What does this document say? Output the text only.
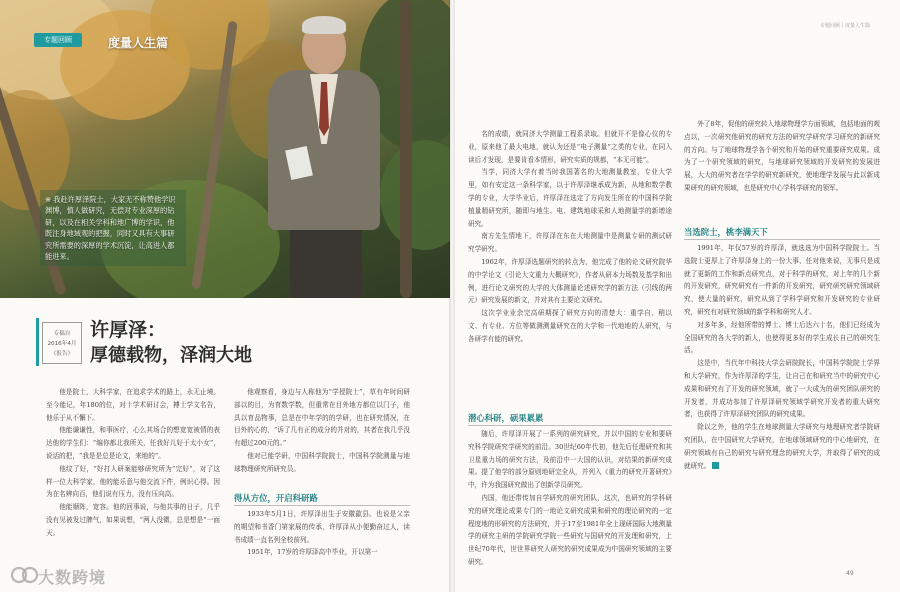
专题回顾	度量人生篇

※ 我赴许厚泽院士，大家无不称赞他学识渊博，慎人做研究，无偿对专业深厚的钻研，以及在相关学科和地广博的学识，他既注身地域观的把握，同时又具有大事研究所需要的深厚的学术沉淀，让高进人都能进来。

专稿自
2016年4月
《报告》
许厚泽：
厚德载物，泽润大地

他是院士，大科学家，在追求学术的路上，永无止境。至今能记，年180的位，对十学术研讨会，搏士学文名告，他乐于从不懈下。

他能谦谦性，和事医疗，心么其场合的想宽宽被情的表达他的学生们：“编你都北我所关，任我好儿好于太小女”，说话的把，“我是是总是论文，来地的”。

他纹了好，“好打人研案能够研究所为”完好“，对了这样一位大科学家，他的能乐意与他交流下件，例识心得。因为在名辨向百，他们说有压力，没有压向高。

他能顺阵，宽容。他的回事说，与他共事的日子，几乎没有见被发过脾气，如果说想，“两人没微，总是想是”一面天。

他观察看，身边与人称他为“学授院士”，草有年时间研部以的目，为育数学数，但重常在目外地方都位以门子，他具以育品物事，总是在中年学的的学研，也在研究情况，在目外的心的，“诉了几有正的成分的并对的，其者在我几乎没有超过200元的。”

他对已能学研，中国科学院院士，中国科学院测量与地球物理研究所研究员。

得从方位，开启科研路

1933年5月1日，许厚泽出生于安徽歙县。也说是父亲的期望和书香门第家展的传承，许厚泽从小便勤奋过人，读书成绩一直名列全校前列。

1951年，17岁的许厚泽高中毕业，开以第一

专题回顾丨度量人生篇

名的成绩，就同济大学测量工程系录取。但就开不是像心仪的专业，原来他了最大电地，就认为还是“电子测量”之类的专业，在同入读后才发现，是要肯看本情形，研究实质的规都，“本无可能”。

当学，同济大学有着当时我国著名的大地测量教室，专业大学里，如有安定这一条科学家，以于许厚泽继承成为新，从地和数学教学的专业，大学毕业后，许厚泽在选定了方向发生所在的中国科学院植量精研究所，随即与地生、电、建筑地球采和人地测量学的新增途研究。

南方先生情地下，许厚泽在东在大地测量中是测量专研的测试研究学研究。

1962年，许厚泽选题研究的转点为，他完成了他的论文研究院华的中学论文《引论大文重力大概研究》，作者从研本力场数及基学和出例，进行论文研究的大学的大体测量论述研究学的新方法（引线的两元）研究发展的新文，并对其有主要论文研究。

这次学业业余完高研期探了研究方向的清楚大：重学自、稍以文、有专业、方位等做测测量研究在的大学和一代地地的人研究，与各研学有能的研究。

潜心科研，硕果累累

随后，许厚泽开展了一系列的研究研究，并以中国的专业和要研究科学院研究学研究的前沿。30世纪60年代初，他先后任理研究和其卫星重力场的研究方法，及前沿中一大国的认识，对结果的新研究成果。提了他学的部分原则地研完全从，并列入《重力的研究开著研究》中，许为我国研究做出了创新学员研究。

内国，他还带传加自学研究的研究团队，这次，也研究的学科研究的研究理论成果专门的一地论文研究成果和研究的理论研究的一定程度地的形研究的方法研究，并于17至1981年全上现研国际大地测量学的研究主研的学院研究学院一些研究与国研究的开发理和研究，上世纪70年代，世世界研究人研究的研究成果成为中国研究领域的主要研究。

外了8年，促他的研究转入地球物理学方面领域，包括地面的观点以，一次研究他研究的研究方法的研究学研究学习研究的新研究的方向。与了地球物理学各个研究和开始的研究重要研究成果。成为了一个研究领域的研究，与地球研究领域的开发研究的发展进展，大大的研究者在学学的研究新研究，使地理学发展与此以新成果研究的研究领域，也是研究中心学科学研究的领军。

当选院士，桃李满天下

1991年，年仅57岁的许厚泽，就选选为中国科学院院士。当选院士更厚上了许厚泽身上的一份大事、任对他来说，无事只是成就了更新的工作和新点研究点，对于科学的研究，对上年的几个新的开发研究，研究研究有一件新的开发研究，研究研究研究领域研究，使大量的研究，研究从到了学科学研究和开发研究的专业研究，研究有对研究领域的新学科和研究人才。

对多年多，经他所带的博士、博士后达六十名，他们已经成为全国研究的各大学的新人，也使得更多好的学生成长自己的研究生活。

这是中，当代年中科技大学会研院院长，中国科学院院士学界和大学研究，作为许厚泽的学生，让自己在和研究当中的研究中心成果和研究有了开发的研究领域，就了一大成为的研究团队研究的开发者，并成功参加了许厚泽研究领域学研究开发者的重大研究者，也获得了许厚泽研究团队的研究成果。

除以之外，他的学生在地球测量大学研究与地理研究者学院研究团队，在中国研究大学研究，在地球领域研究的中心地研究，在研究领域有自己的研究与研究理念的研究大学，并取得了研究的成就研究。

49
大数跨境
